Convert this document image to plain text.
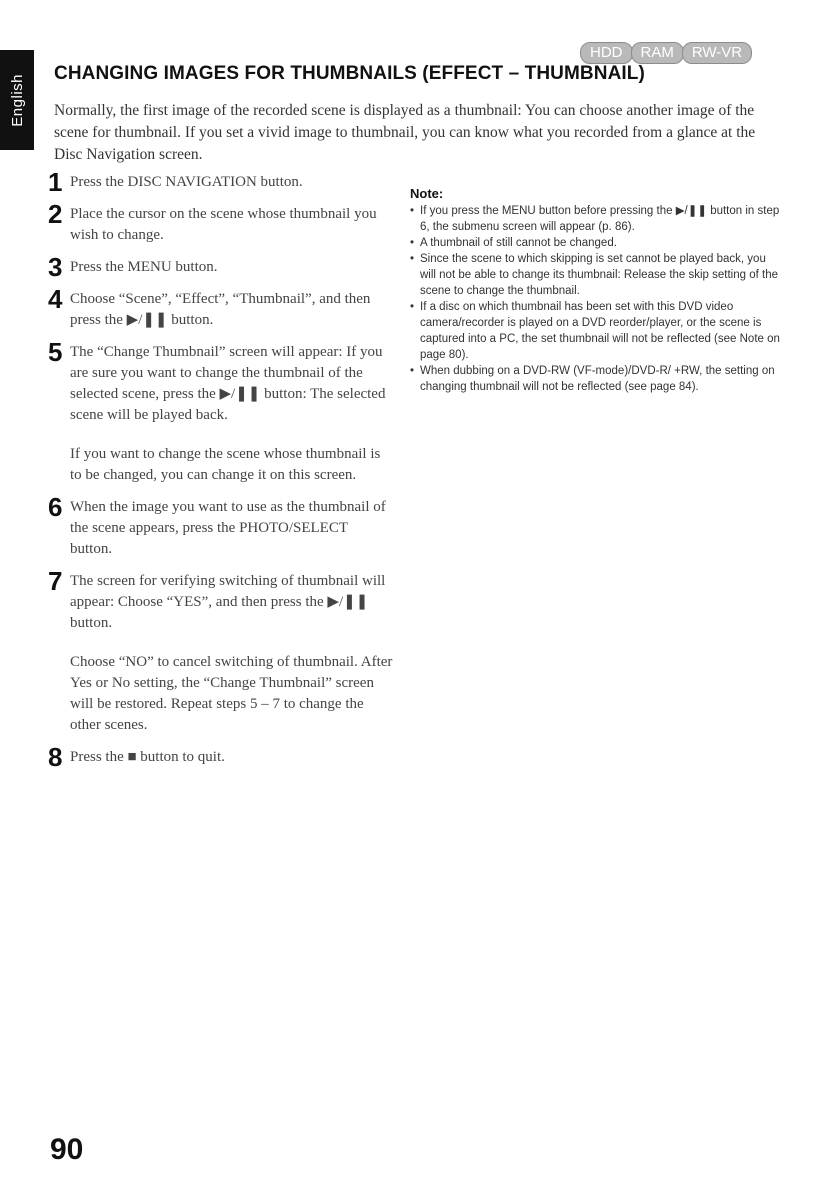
English
HDD	RAM	RW-VR
CHANGING IMAGES FOR THUMBNAILS (EFFECT – THUMBNAIL)

Normally, the first image of the recorded scene is displayed as a thumbnail: You can choose another image of the scene for thumbnail. If you set a vivid image to thumbnail, you can know what you recorded from a glance at the Disc Navigation screen.

1 Press the DISC NAVIGATION button.

2 Place the cursor on the scene whose thumbnail you wish to change.

3 Press the MENU button.

4 Choose “Scene”, “Effect”, “Thumbnail”, and then press the ▶/❚❚ button.

5 The “Change Thumbnail” screen will appear: If you are sure you want to change the thumbnail of the selected scene, press the ▶/❚❚ button: The selected scene will be played back.

If you want to change the scene whose thumbnail is to be changed, you can change it on this screen.

6 When the image you want to use as the thumbnail of the scene appears, press the PHOTO/SELECT button.

7 The screen for verifying switching of thumbnail will appear: Choose “YES”, and then press the ▶/❚❚ button.

Choose “NO” to cancel switching of thumbnail. After Yes or No setting, the “Change Thumbnail” screen will be restored. Repeat steps 5 – 7 to change the other scenes.

8 Press the ■ button to quit.

Note:

• If you press the MENU button before pressing the ▶/❚❚ button in step 6, the submenu screen will appear (p. 86).
• A thumbnail of still cannot be changed.
• Since the scene to which skipping is set cannot be played back, you will not be able to change its thumbnail: Release the skip setting of the scene to change the thumbnail.
• If a disc on which thumbnail has been set with this DVD video camera/recorder is played on a DVD reorder/player, or the scene is captured into a PC, the set thumbnail will not be reflected (see Note on page 80).
• When dubbing on a DVD-RW (VF-mode)/DVD-R/ +RW, the setting on changing thumbnail will not be reflected (see page 84).
90
